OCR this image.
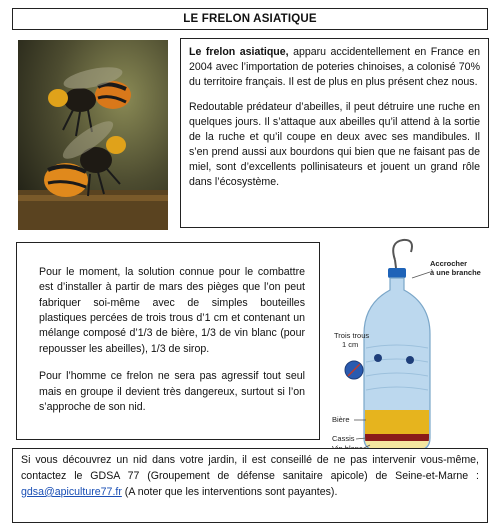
LE FRELON ASIATIQUE

Le frelon asiatique, apparu accidentellement en France en 2004 avec l’importation de poteries chinoises, a colonisé 70% du territoire français. Il est de plus en plus présent chez nous.

Redoutable prédateur d’abeilles, il peut détruire une ruche en quelques jours. Il s’attaque aux abeilles qu’il attend à la sortie de la ruche et qu’il coupe en deux avec ses mandibules. Il s’en prend aussi aux bourdons qui bien que ne faisant pas de miel, sont d’excellents pollinisateurs et jouent un grand rôle dans l’écosystème.

Pour le moment, la solution connue pour le combattre est d’installer à partir de mars des pièges que l’on peut fabriquer soi-même avec de simples bouteilles plastiques percées de trois trous d’1 cm et contenant un mélange composé d’1/3 de bière, 1/3 de vin blanc (pour repousser les abeilles), 1/3 de sirop.

Pour l’homme ce frelon ne sera pas agressif tout seul mais en groupe il devient très dangereux, surtout si l’on s’approche de son nid.

Accrocher
à une branche
Trois trous
1 cm
Bière
Cassis

Si vous découvrez un nid dans votre jardin, il est conseillé de ne pas intervenir vous-même, contactez le GDSA 77 (Groupement de défense sanitaire apicole) de Seine-et-Marne : gdsa@apiculture77.fr (A noter que les interventions sont payantes).
